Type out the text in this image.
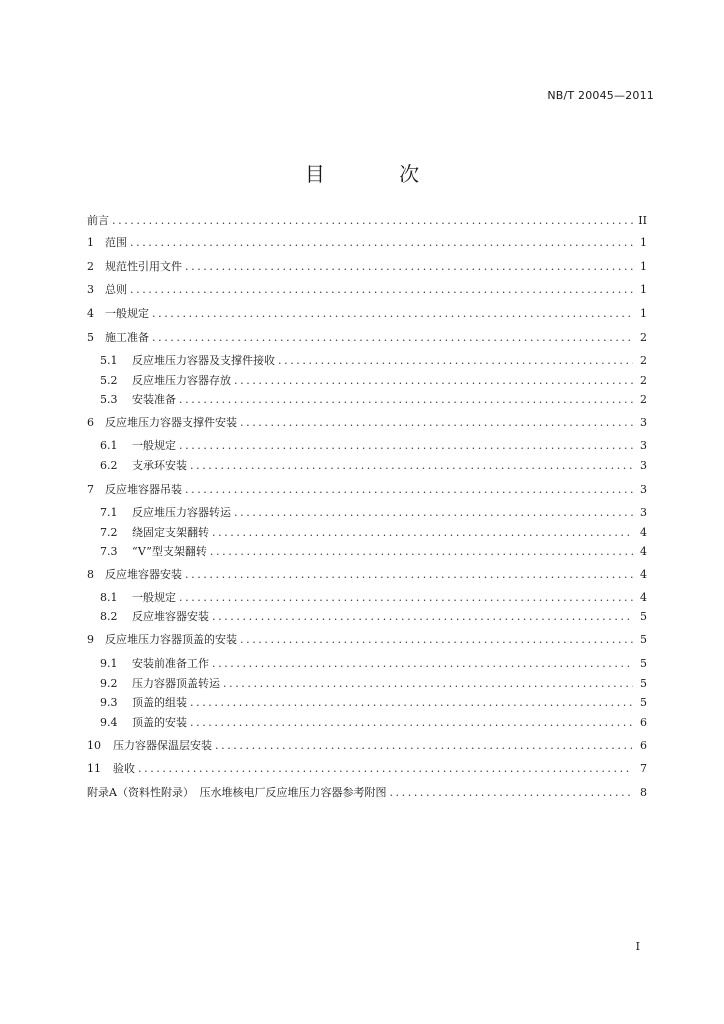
NB/T 20045—2011
目 次
前言 .....	II
1	范围 .....	1
2	规范性引用文件 .....	1
3	总则 .....	1
4	一般规定 .....	1
5	施工准备 .....	2
5.1	反应堆压力容器及支撑件接收 .....	2
5.2	反应堆压力容器存放 .....	2
5.3	安装准备 .....	2
6	反应堆压力容器支撑件安装 .....	3
6.1	一般规定 .....	3
6.2	支承环安装 .....	3
7	反应堆容器吊装 .....	3
7.1	反应堆压力容器转运 .....	3
7.2	绕固定支架翻转 .....	4
7.3	“V”型支架翻转 .....	4
8	反应堆容器安装 .....	4
8.1	一般规定 .....	4
8.2	反应堆容器安装 .....	5
9	反应堆压力容器顶盖的安装 .....	5
9.1	安装前准备工作 .....	5
9.2	压力容器顶盖转运 .....	5
9.3	顶盖的组装 .....	5
9.4	顶盖的安装 .....	6
10	压力容器保温层安装 .....	6
11	验收 .....	7
附录A（资料性附录）　压水堆核电厂反应堆压力容器参考附图 .....	8
I
